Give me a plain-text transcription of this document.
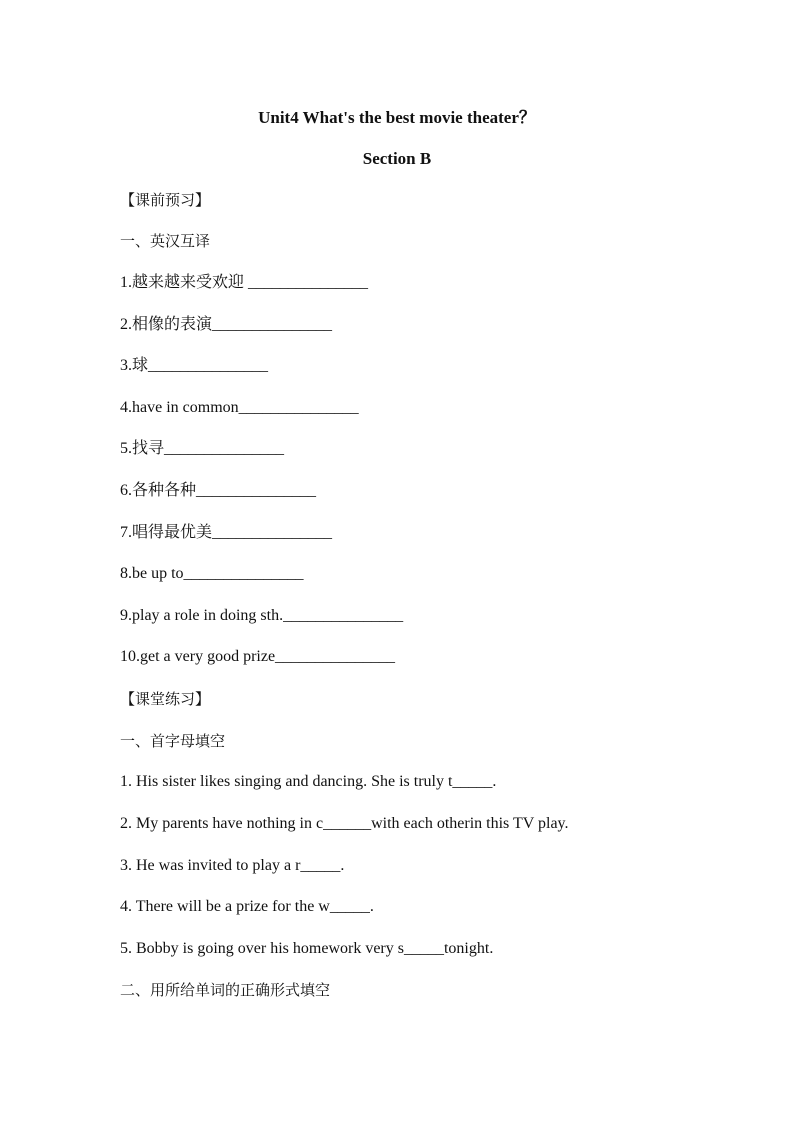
Unit4 What's the best movie theater？
Section B
【课前预习】
一、英汉互译
1.越来越来受欢迎 _______________
2.相像的表演_______________
3.球_______________
4.have in common_______________
5.找寻_______________
6.各种各种_______________
7.唱得最优美_______________
8.be up to_______________
9.play a role in doing sth._______________
10.get a very good prize_______________
【课堂练习】
一、首字母填空
1. His sister likes singing and dancing. She is truly t_____.
2. My parents have nothing in c______with each otherin this TV play.
3. He was invited to play a r_____.
4. There will be a prize for the w_____.
5. Bobby is going over his homework very s_____tonight.
二、用所给单词的正确形式填空
